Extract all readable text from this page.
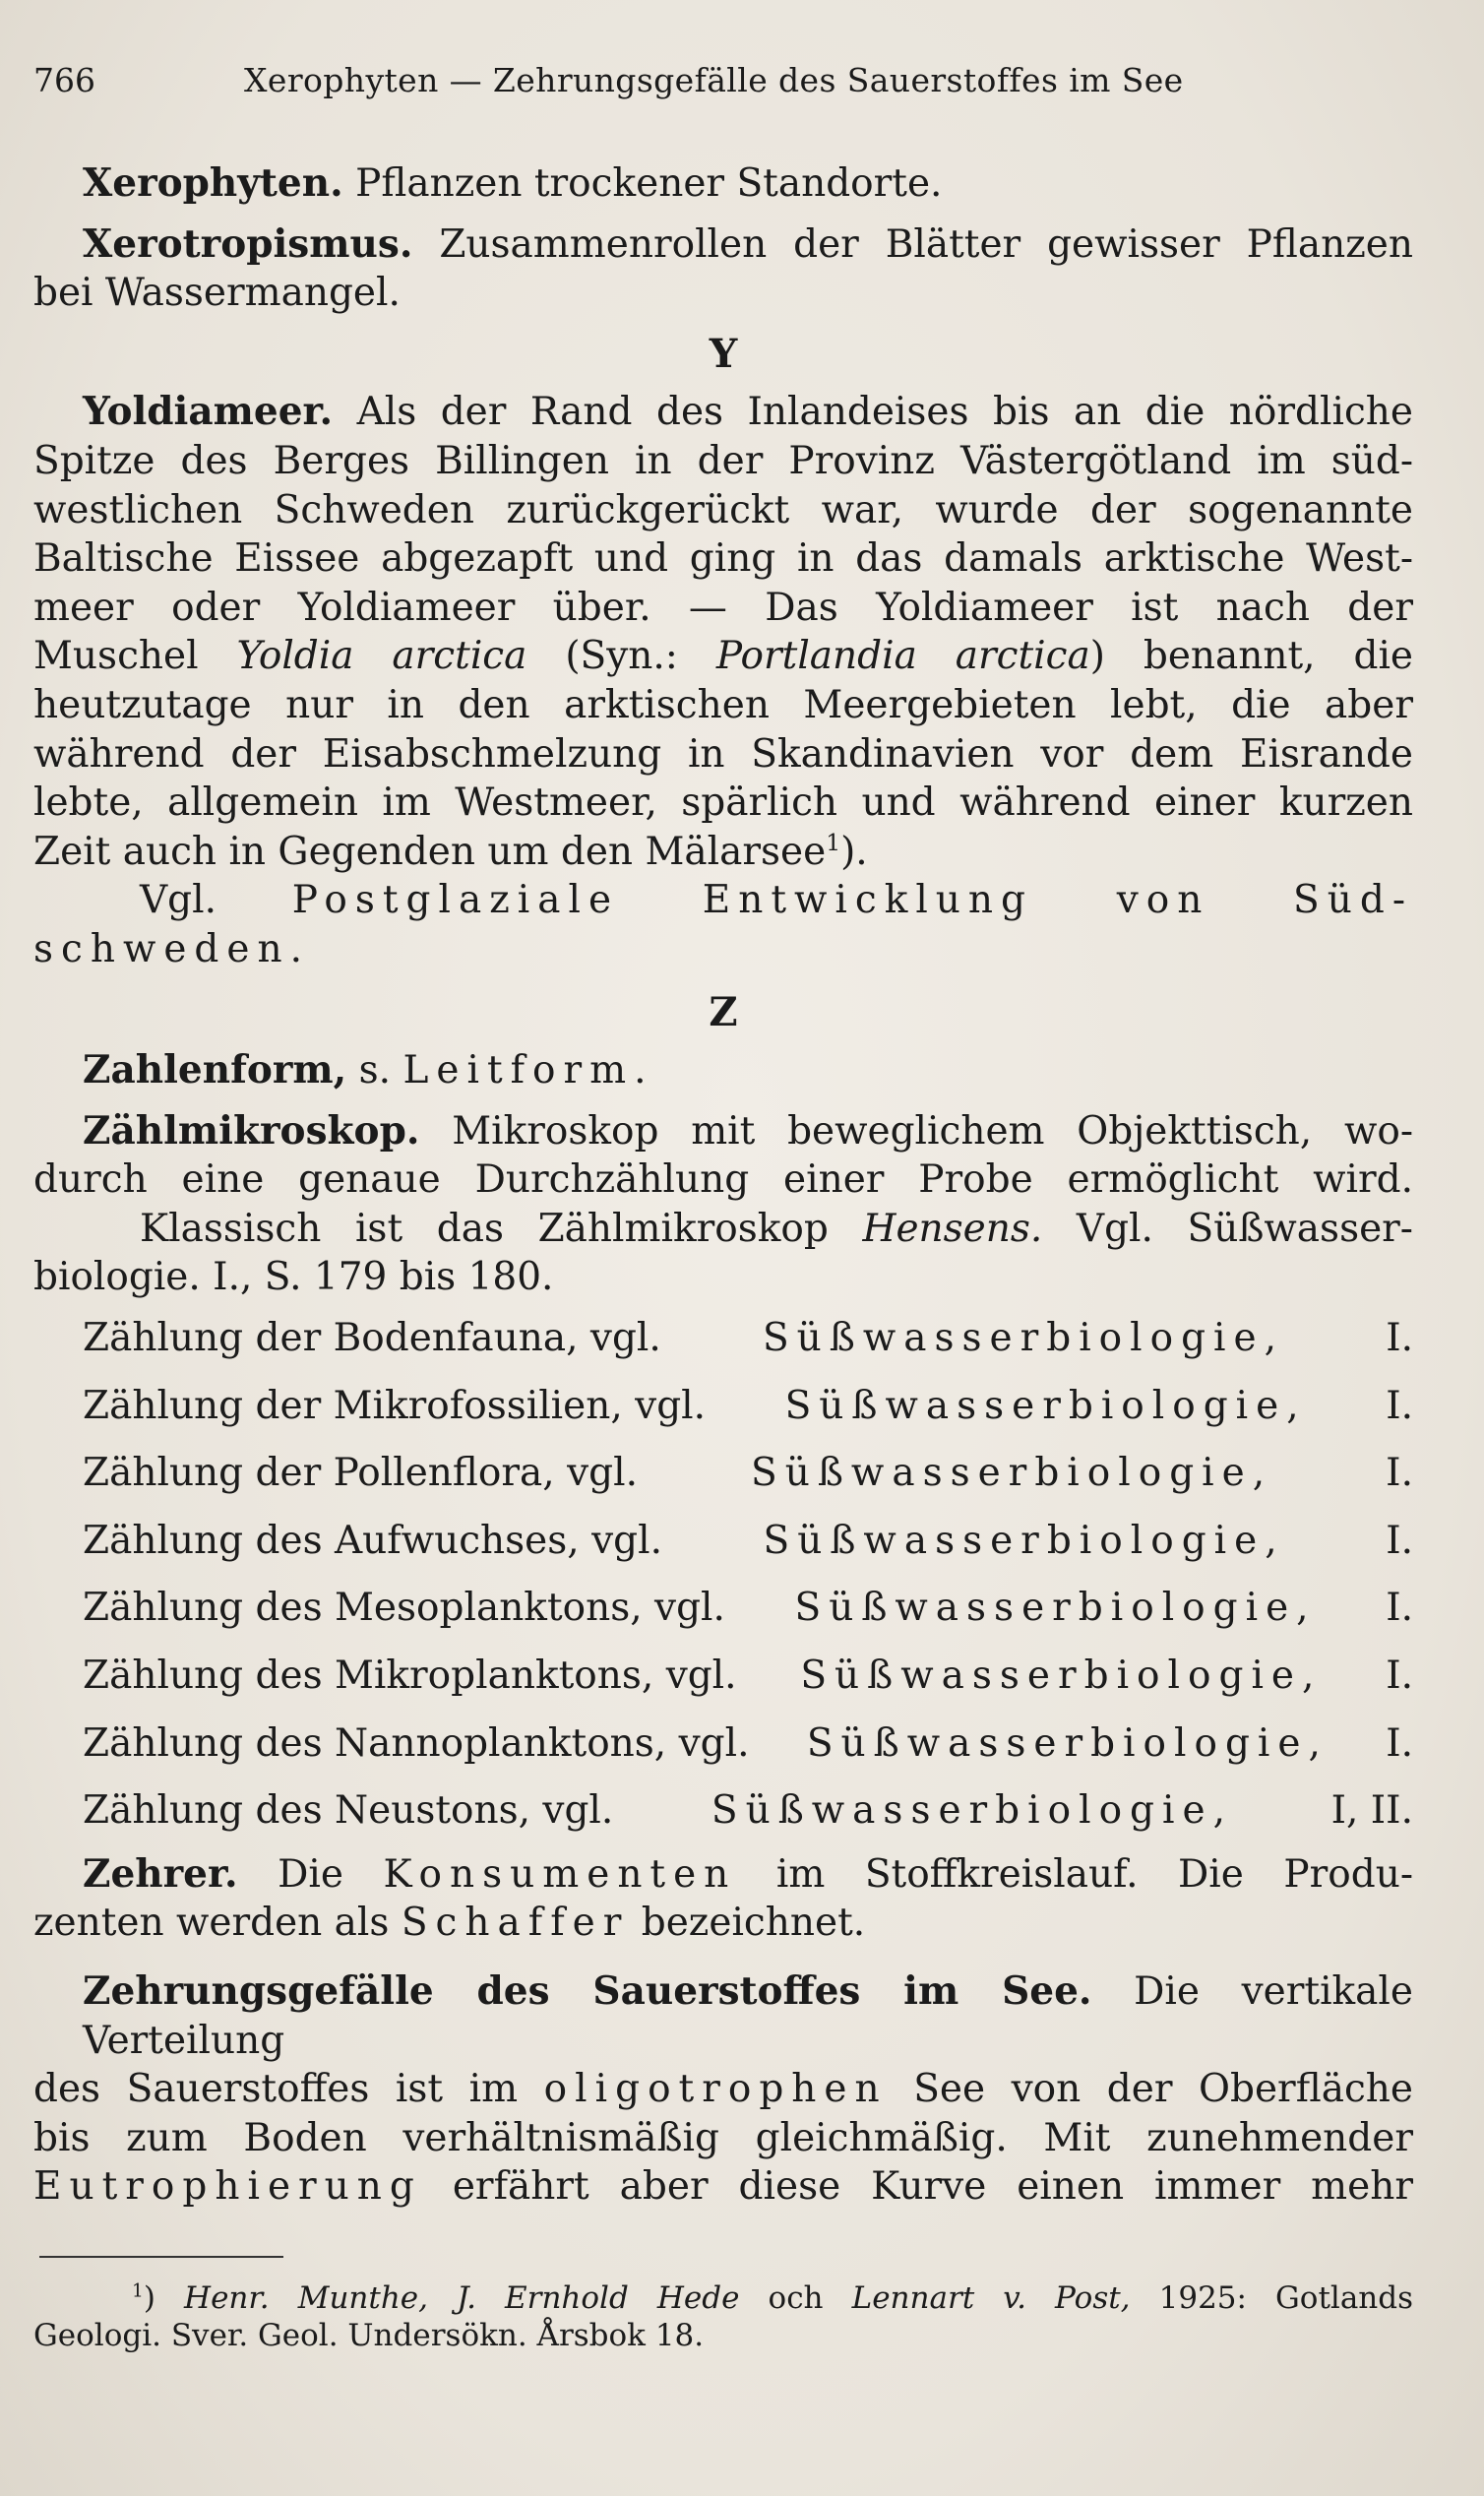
766	Xerophyten — Zehrungsgefälle des Sauerstoffes im See
Xerophyten. Pflanzen trockener Standorte.
Xerotropismus. Zusammenrollen der Blätter gewisser Pflanzen
bei Wassermangel.
Y
Yoldiameer. Als der Rand des Inlandeises bis an die nördliche
Spitze des Berges Billingen in der Provinz Västergötland im süd-
westlichen Schweden zurückgerückt war, wurde der sogenannte
Baltische Eissee abgezapft und ging in das damals arktische West-
meer oder Yoldiameer über. — Das Yoldiameer ist nach der
Muschel Yoldia arctica (Syn.: Portlandia arctica) benannt, die
heutzutage nur in den arktischen Meergebieten lebt, die aber
während der Eisabschmelzung in Skandinavien vor dem Eisrande
lebte, allgemein im Westmeer, spärlich und während einer kurzen
Zeit auch in Gegenden um den Mälarsee$^1$).
Vgl. Postglaziale Entwicklung von Süd-
schweden.
Z
Zahlenform, s. Leitform.
Zählmikroskop. Mikroskop mit beweglichem Objekttisch, wo-
durch eine genaue Durchzählung einer Probe ermöglicht wird.
Klassisch ist das Zählmikroskop Hensens. Vgl. Süßwasser-
biologie. I., S. 179 bis 180.
Zählung der Bodenfauna, vgl.	Süßwasserbiologie,	I.
Zählung der Mikrofossilien, vgl. Süßwasserbiologie, I.
Zählung der Pollenflora, vgl.	Süßwasserbiologie,	I.
Zählung des Aufwuchses, vgl.	Süßwasserbiologie,	I.
Zählung des Mesoplanktons, vgl. Süßwasserbiologie, I.
Zählung des Mikroplanktons, vgl. Süßwasserbiologie, I.
Zählung des Nannoplanktons, vgl. Süßwasserbiologie, I.
Zählung des Neustons, vgl.	Süßwasserbiologie,	I, II.
Zehrer. Die Konsumenten im Stoffkreislauf. Die Produ-
zenten werden als Schaffer bezeichnet.
Zehrungsgefälle des Sauerstoffes im See. Die vertikale Verteilung
des Sauerstoffes ist im oligotrophen See von der Oberfläche
bis zum Boden verhältnismäßig gleichmäßig. Mit zunehmender
Eutrophierung erfährt aber diese Kurve einen immer mehr
$^1$) Henr. Munthe, J. Ernhold Hede och Lennart v. Post, 1925: Gotlands
Geologi. Sver. Geol. Undersökn. Årsbok 18.
